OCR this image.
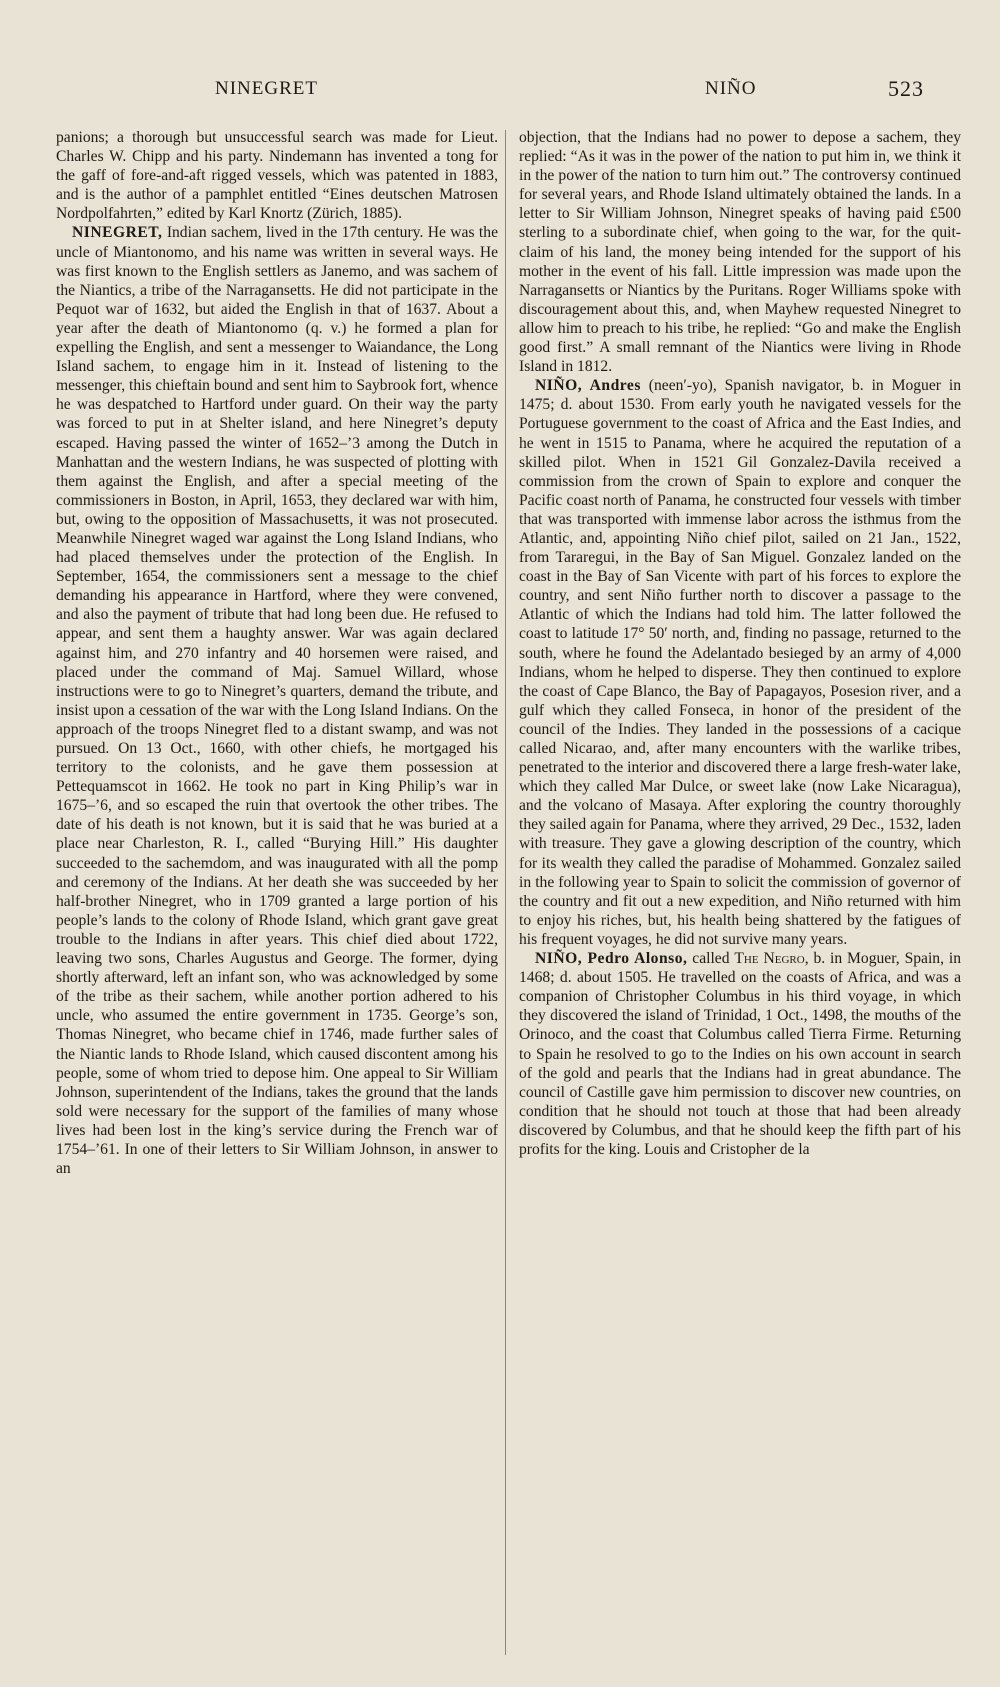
NINEGRET	NIÑO	523

panions; a thorough but unsuccessful search was made for Lieut. Charles W. Chipp and his party. Nindemann has invented a tong for the gaff of fore-and-aft rigged vessels, which was patented in 1883, and is the author of a pamphlet entitled “Eines deutschen Matrosen Nordpolfahrten,” edited by Karl Knortz (Zürich, 1885).

NINEGRET, Indian sachem, lived in the 17th century. He was the uncle of Miantonomo, and his name was written in several ways. He was first known to the English settlers as Janemo, and was sachem of the Niantics, a tribe of the Narragansetts. He did not participate in the Pequot war of 1632, but aided the English in that of 1637. About a year after the death of Miantonomo (q. v.) he formed a plan for expelling the English, and sent a messenger to Waiandance, the Long Island sachem, to engage him in it. Instead of listening to the messenger, this chieftain bound and sent him to Saybrook fort, whence he was despatched to Hartford under guard. On their way the party was forced to put in at Shelter island, and here Ninegret’s deputy escaped. Having passed the winter of 1652–’3 among the Dutch in Manhattan and the western Indians, he was suspected of plotting with them against the English, and after a special meeting of the commissioners in Boston, in April, 1653, they declared war with him, but, owing to the opposition of Massachusetts, it was not prosecuted. Meanwhile Ninegret waged war against the Long Island Indians, who had placed themselves under the protection of the English. In September, 1654, the commissioners sent a message to the chief demanding his appearance in Hartford, where they were convened, and also the payment of tribute that had long been due. He refused to appear, and sent them a haughty answer. War was again declared against him, and 270 infantry and 40 horsemen were raised, and placed under the command of Maj. Samuel Willard, whose instructions were to go to Ninegret’s quarters, demand the tribute, and insist upon a cessation of the war with the Long Island Indians. On the approach of the troops Ninegret fled to a distant swamp, and was not pursued. On 13 Oct., 1660, with other chiefs, he mortgaged his territory to the colonists, and he gave them possession at Pettequamscot in 1662. He took no part in King Philip’s war in 1675–’6, and so escaped the ruin that overtook the other tribes. The date of his death is not known, but it is said that he was buried at a place near Charleston, R. I., called “Burying Hill.” His daughter succeeded to the sachemdom, and was inaugurated with all the pomp and ceremony of the Indians. At her death she was succeeded by her half-brother Ninegret, who in 1709 granted a large portion of his people’s lands to the colony of Rhode Island, which grant gave great trouble to the Indians in after years. This chief died about 1722, leaving two sons, Charles Augustus and George. The former, dying shortly afterward, left an infant son, who was acknowledged by some of the tribe as their sachem, while another portion adhered to his uncle, who assumed the entire government in 1735. George’s son, Thomas Ninegret, who became chief in 1746, made further sales of the Niantic lands to Rhode Island, which caused discontent among his people, some of whom tried to depose him. One appeal to Sir William Johnson, superintendent of the Indians, takes the ground that the lands sold were necessary for the support of the families of many whose lives had been lost in the king’s service during the French war of 1754–’61. In one of their letters to Sir William Johnson, in answer to an

objection, that the Indians had no power to depose a sachem, they replied: “As it was in the power of the nation to put him in, we think it in the power of the nation to turn him out.” The controversy continued for several years, and Rhode Island ultimately obtained the lands. In a letter to Sir William Johnson, Ninegret speaks of having paid £500 sterling to a subordinate chief, when going to the war, for the quit-claim of his land, the money being intended for the support of his mother in the event of his fall. Little impression was made upon the Narragansetts or Niantics by the Puritans. Roger Williams spoke with discouragement about this, and, when Mayhew requested Ninegret to allow him to preach to his tribe, he replied: “Go and make the English good first.” A small remnant of the Niantics were living in Rhode Island in 1812.

NIÑO, Andres (neen′-yo), Spanish navigator, b. in Moguer in 1475; d. about 1530. From early youth he navigated vessels for the Portuguese government to the coast of Africa and the East Indies, and he went in 1515 to Panama, where he acquired the reputation of a skilled pilot. When in 1521 Gil Gonzalez-Davila received a commission from the crown of Spain to explore and conquer the Pacific coast north of Panama, he constructed four vessels with timber that was transported with immense labor across the isthmus from the Atlantic, and, appointing Niño chief pilot, sailed on 21 Jan., 1522, from Tararegui, in the Bay of San Miguel. Gonzalez landed on the coast in the Bay of San Vicente with part of his forces to explore the country, and sent Niño further north to discover a passage to the Atlantic of which the Indians had told him. The latter followed the coast to latitude 17° 50′ north, and, finding no passage, returned to the south, where he found the Adelantado besieged by an army of 4,000 Indians, whom he helped to disperse. They then continued to explore the coast of Cape Blanco, the Bay of Papagayos, Posesion river, and a gulf which they called Fonseca, in honor of the president of the council of the Indies. They landed in the possessions of a cacique called Nicarao, and, after many encounters with the warlike tribes, penetrated to the interior and discovered there a large fresh-water lake, which they called Mar Dulce, or sweet lake (now Lake Nicaragua), and the volcano of Masaya. After exploring the country thoroughly they sailed again for Panama, where they arrived, 29 Dec., 1532, laden with treasure. They gave a glowing description of the country, which for its wealth they called the paradise of Mohammed. Gonzalez sailed in the following year to Spain to solicit the commission of governor of the country and fit out a new expedition, and Niño returned with him to enjoy his riches, but, his health being shattered by the fatigues of his frequent voyages, he did not survive many years.

NIÑO, Pedro Alonso, called The Negro, b. in Moguer, Spain, in 1468; d. about 1505. He travelled on the coasts of Africa, and was a companion of Christopher Columbus in his third voyage, in which they discovered the island of Trinidad, 1 Oct., 1498, the mouths of the Orinoco, and the coast that Columbus called Tierra Firme. Returning to Spain he resolved to go to the Indies on his own account in search of the gold and pearls that the Indians had in great abundance. The council of Castille gave him permission to discover new countries, on condition that he should not touch at those that had been already discovered by Columbus, and that he should keep the fifth part of his profits for the king. Louis and Cristopher de la
